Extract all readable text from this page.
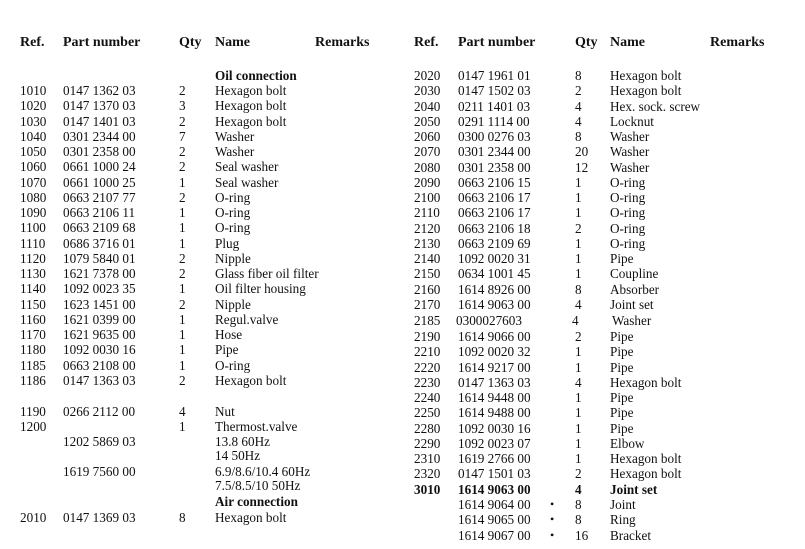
Ref. Part number	Qty Name	Remarks	Ref. Part number	Qty Name	Remarks
Oil connection
1010 0147 1362 03	2 Hexagon bolt
1020 0147 1370 03	3 Hexagon bolt
1030 0147 1401 03	2 Hexagon bolt
1040 0301 2344 00	7 Washer
1050 0301 2358 00	2 Washer
1060 0661 1000 24	2 Seal washer
1070 0661 1000 25	1 Seal washer
1080 0663 2107 77	2 O-ring
1090 0663 2106 11	1 O-ring
1100 0663 2109 68	1 O-ring
1110 0686 3716 01	1 Plug
1120 1079 5840 01	2 Nipple
1130 1621 7378 00	2 Glass fiber oil filter
1140 1092 0023 35	1 Oil filter housing
1150 1623 1451 00	2 Nipple
1160 1621 0399 00	1 Regul.valve
1170 1621 9635 00	1 Hose
1180 1092 0030 16	1 Pipe
1185 0663 2108 00	1 O-ring
1186 0147 1363 03	2 Hexagon bolt
1190 0266 2112 00	4 Nut
1200	1 Thermost.valve
1202 5869 03	13.8 60Hz
14 50Hz
1619 7560 00	6.9/8.6/10.4 60Hz
7.5/8.5/10 50Hz
Air connection
2010 0147 1369 03	8 Hexagon bolt
2020 0147 1961 01	8 Hexagon bolt
2030 0147 1502 03	2 Hexagon bolt
2040 0211 1401 03	4 Hex. sock. screw
2050 0291 1114 00	4 Locknut
2060 0300 0276 03	8 Washer
2070 0301 2344 00	20 Washer
2080 0301 2358 00	12 Washer
2090 0663 2106 15	1 O-ring
2100 0663 2106 17	1 O-ring
2110 0663 2106 17	1 O-ring
2120 0663 2106 18	2 O-ring
2130 0663 2109 69	1 O-ring
2140 1092 0020 31	1 Pipe
2150 0634 1001 45	1 Coupline
2160 1614 8926 00	8 Absorber
2170 1614 9063 00	4 Joint set
2185 0300027603	4	Washer
2190 1614 9066 00	2 Pipe
2210 1092 0020 32	1 Pipe
2220 1614 9217 00	1 Pipe
2230 0147 1363 03	4 Hexagon bolt
2240 1614 9448 00	1 Pipe
2250 1614 9488 00	1 Pipe
2280 1092 0030 16	1 Pipe
2290 1092 0023 07	1 Elbow
2310 1619 2766 00	1 Hexagon bolt
2320 0147 1501 03	2 Hexagon bolt
3010 1614 9063 00	4 Joint set
1614 9064 00 • 8 Joint
1614 9065 00 • 8 Ring
1614 9067 00 • 16 Bracket
